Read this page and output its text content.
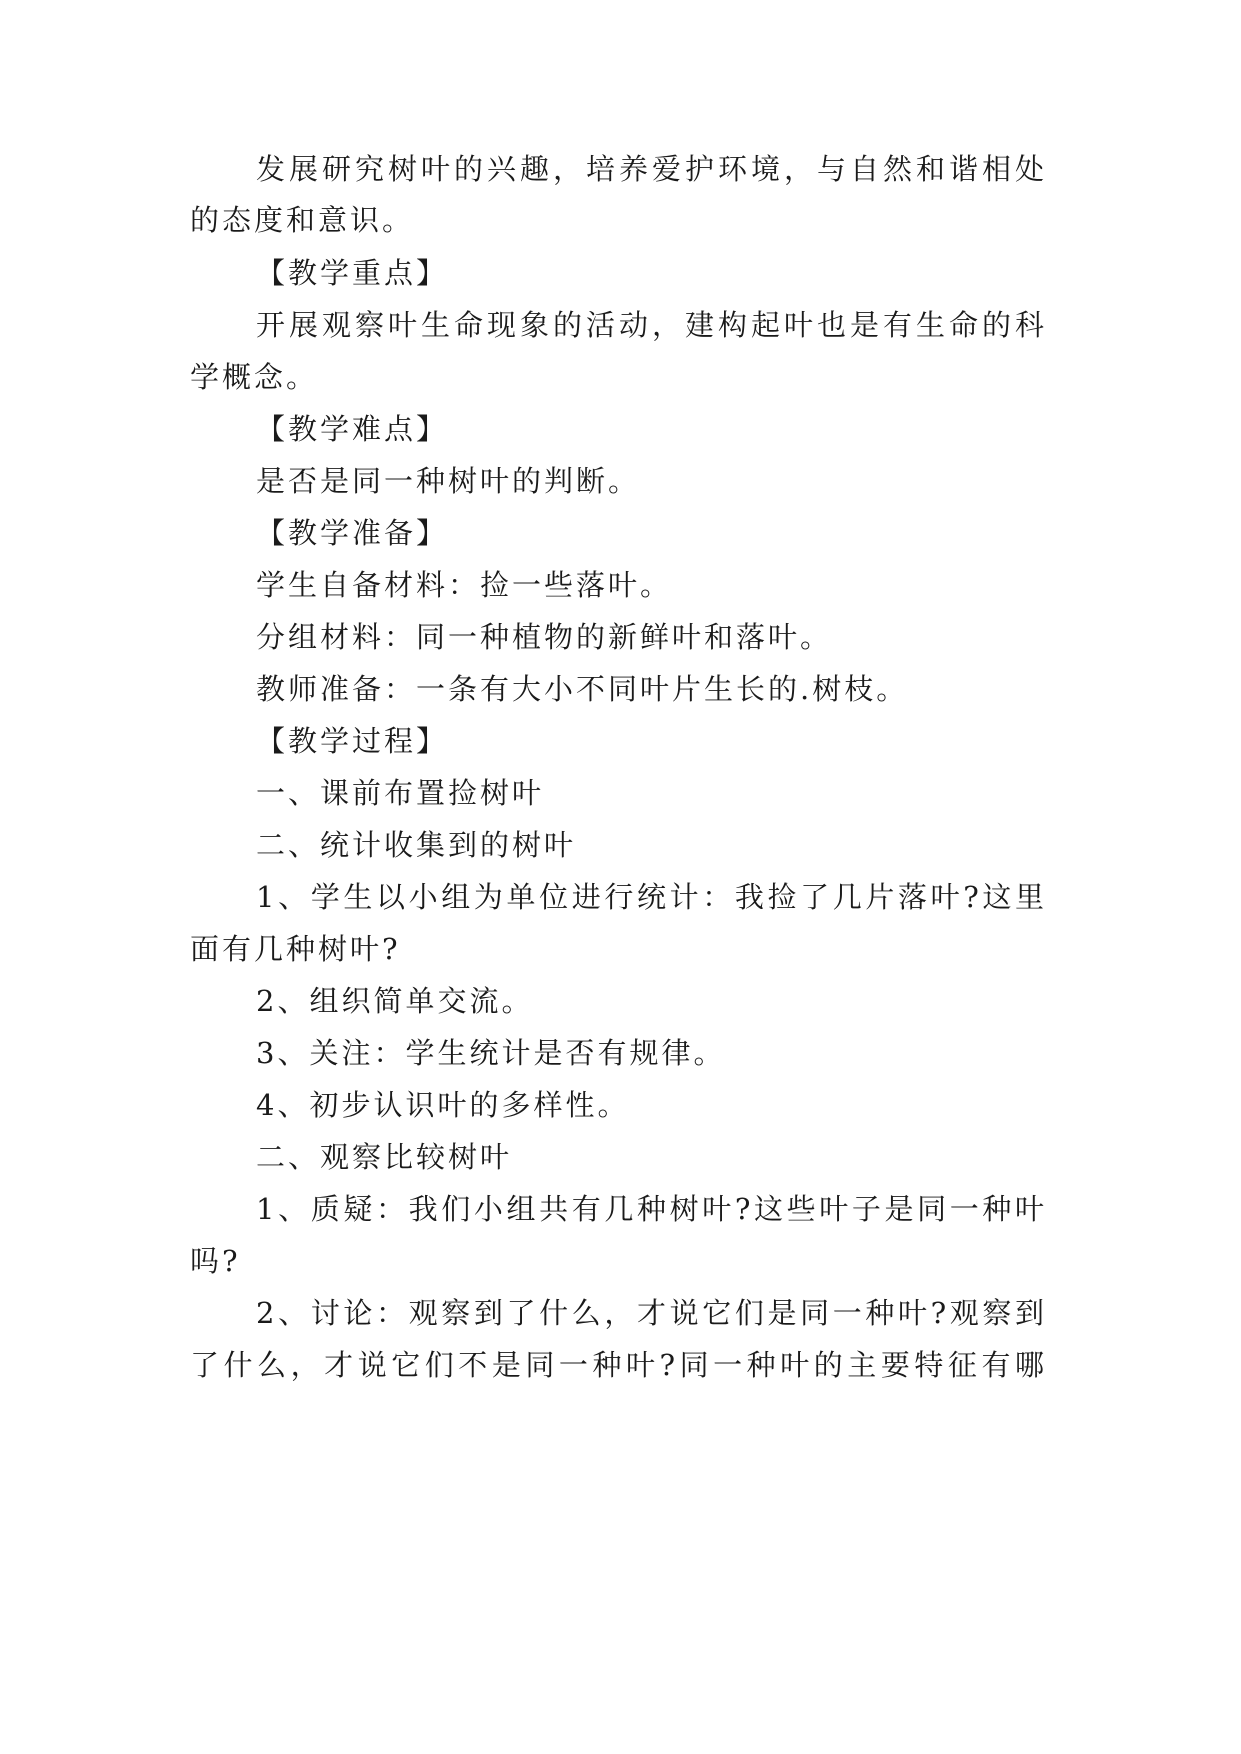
发展研究树叶的兴趣，培养爱护环境，与自然和谐相处

的态度和意识。

【教学重点】

开展观察叶生命现象的活动，建构起叶也是有生命的科

学概念。

【教学难点】

是否是同一种树叶的判断。

【教学准备】

学生自备材料：捡一些落叶。

分组材料：同一种植物的新鲜叶和落叶。

教师准备：一条有大小不同叶片生长的.树枝。

【教学过程】

一、课前布置捡树叶

二、统计收集到的树叶

1、学生以小组为单位进行统计：我捡了几片落叶?这里

面有几种树叶?

2、组织简单交流。

3、关注：学生统计是否有规律。

4、初步认识叶的多样性。

二、观察比较树叶

1、质疑：我们小组共有几种树叶?这些叶子是同一种叶

吗?

2、讨论：观察到了什么，才说它们是同一种叶?观察到

了什么，才说它们不是同一种叶?同一种叶的主要特征有哪
